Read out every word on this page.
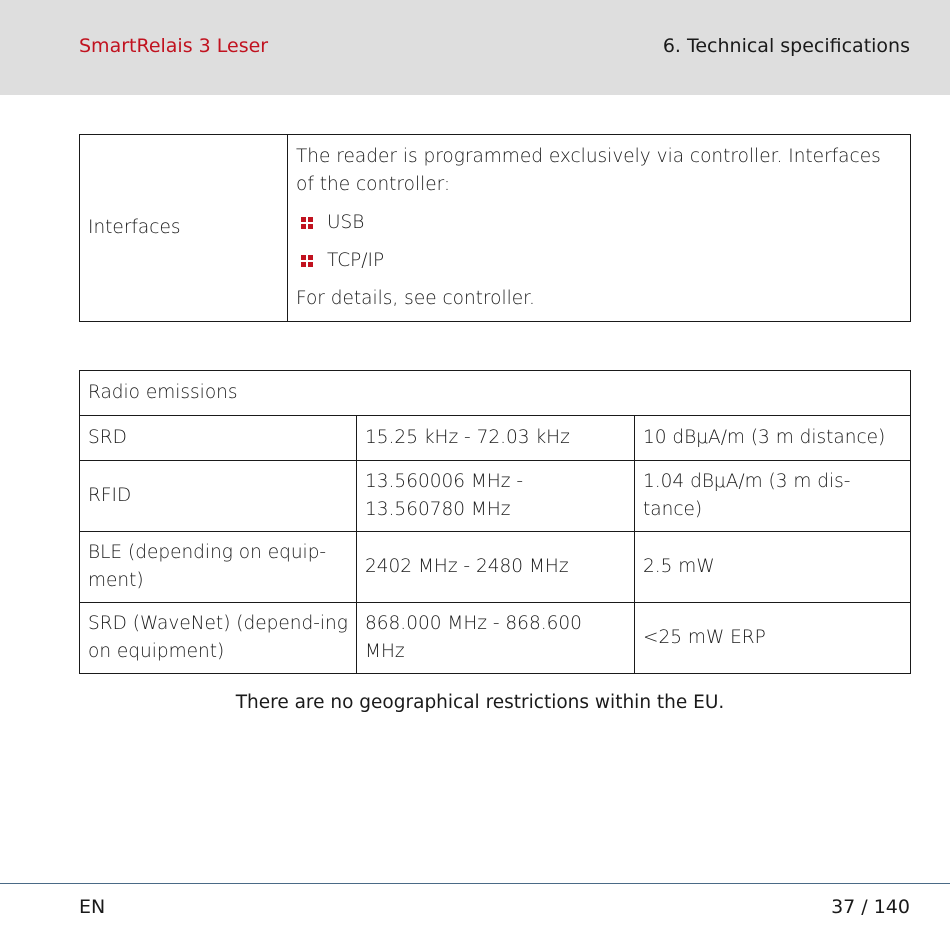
SmartRelais 3 Leser	6. Technical specifications
Interfaces	

The reader is programmed exclusively via controller. Interfaces of the controller:

USB
TCP/IP

For details, see controller.

Radio emissions		
SRD	15.25 kHz - 72.03 kHz	10 dBμA/m (3 m distance)
RFID	13.560006 MHz - 13.560780 MHz	1.04 dBμA/m (3 m dis-tance)
BLE (depending on equip-ment)	2402 MHz - 2480 MHz	2.5 mW
SRD (WaveNet) (depend-ing on equipment)	868.000 MHz - 868.600 MHz	<25 mW ERP
There are no geographical restrictions within the EU.
EN	37 / 140
